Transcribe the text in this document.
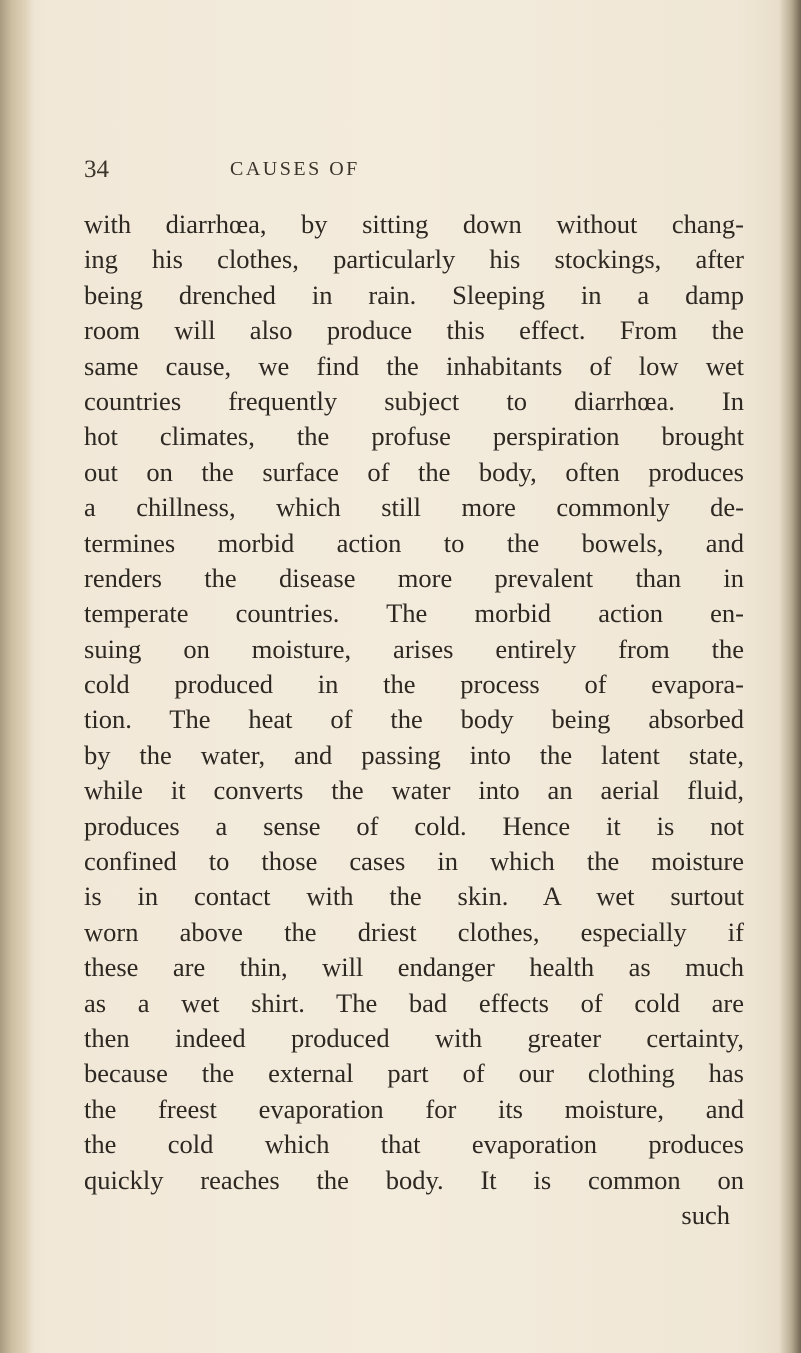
34	CAUSES OF
with diarrhœa, by sitting down without chang-
ing his clothes, particularly his stockings, after
being drenched in rain. Sleeping in a damp
room will also produce this effect. From the
same cause, we find the inhabitants of low wet
countries frequently subject to diarrhœa. In
hot climates, the profuse perspiration brought
out on the surface of the body, often produces
a chillness, which still more commonly de-
termines morbid action to the bowels, and
renders the disease more prevalent than in
temperate countries. The morbid action en-
suing on moisture, arises entirely from the
cold produced in the process of evapora-
tion. The heat of the body being absorbed
by the water, and passing into the latent state,
while it converts the water into an aerial fluid,
produces a sense of cold. Hence it is not
confined to those cases in which the moisture
is in contact with the skin. A wet surtout
worn above the driest clothes, especially if
these are thin, will endanger health as much
as a wet shirt. The bad effects of cold are
then indeed produced with greater certainty,
because the external part of our clothing has
the freest evaporation for its moisture, and
the cold which that evaporation produces
quickly reaches the body. It is common on
such
